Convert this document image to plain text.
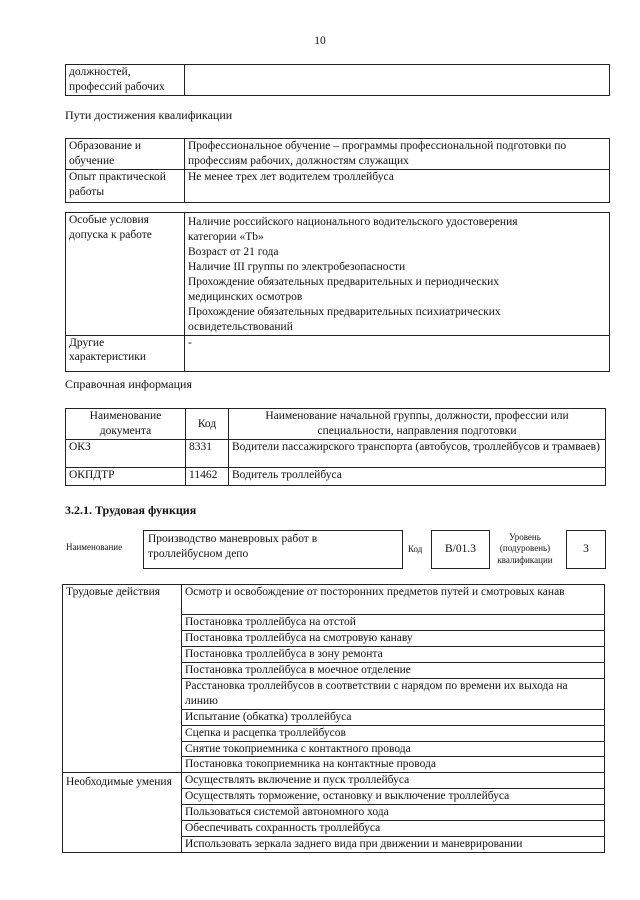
10
должностей, профессий рабочих	
Пути достижения квалификации
Образование и обучение	Профессиональное обучение – программы профессиональной подготовки по профессиям рабочих, должностям служащих
Опыт практической работы	Не менее трех лет водителем троллейбуса
Особые условия допуска к работе	Наличие российского национального водительского удостоверения категории «Tb»
Возраст от 21 года
Наличие III группы по электробезопасности
Прохождение обязательных предварительных и периодических медицинских осмотров
Прохождение обязательных предварительных психиатрических освидетельствований

Другие характеристики	-
Справочная информация
Наименование документа	Код	Наименование начальной группы, должности, профессии или специальности, направления подготовки
ОКЗ	8331	Водители пассажирского транспорта (автобусов, троллейбусов и трамваев)
ОКПДТР	11462	Водитель троллейбуса
3.2.1. Трудовая функция
Наименование
Производство маневровых работ в троллейбусном депо	Код	B/01.3
Уровень (подуровень) квалификации
3
Трудовые действия	Осмотр и освобождение от посторонних предметов путей и смотровых канав
	Постановка троллейбуса на отстой
	Постановка троллейбуса на смотровую канаву
	Постановка троллейбуса в зону ремонта
	Постановка троллейбуса в моечное отделение
	Расстановка троллейбусов в соответствии с нарядом по времени их выхода на линию
	Испытание (обкатка) троллейбуса
	Сцепка и расцепка троллейбусов
	Снятие токоприемника с контактного провода
	Постановка токоприемника на контактные провода
Необходимые умения	Осуществлять включение и пуск троллейбуса
	Осуществлять торможение, остановку и выключение троллейбуса
	Пользоваться системой автономного хода
	Обеспечивать сохранность троллейбуса
	Использовать зеркала заднего вида при движении и маневрировании
